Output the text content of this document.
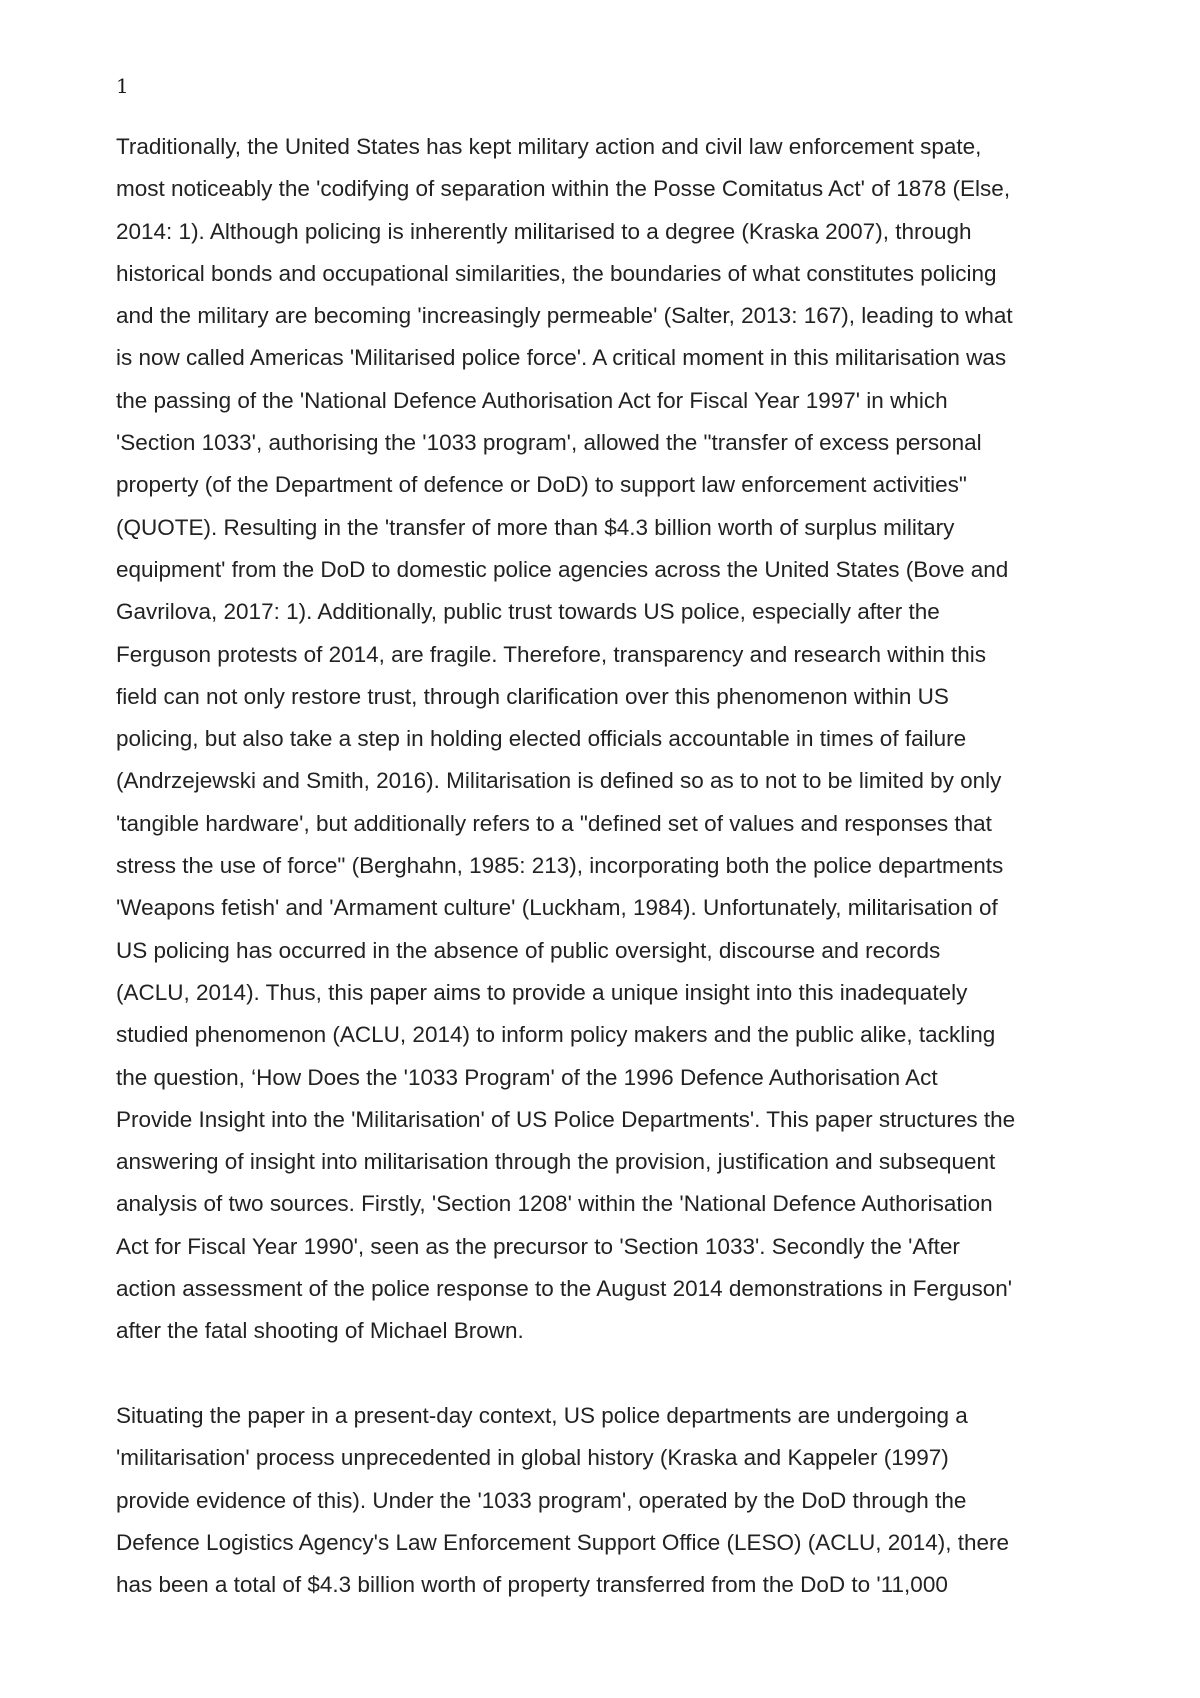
1
Traditionally, the United States has kept military action and civil law enforcement spate,
most noticeably the 'codifying of separation within the Posse Comitatus Act' of 1878 (Else,
2014: 1). Although policing is inherently militarised to a degree (Kraska 2007), through
historical bonds and occupational similarities, the boundaries of what constitutes policing
and the military are becoming 'increasingly permeable' (Salter, 2013: 167), leading to what
is now called Americas 'Militarised police force'. A critical moment in this militarisation was
the passing of the 'National Defence Authorisation Act for Fiscal Year 1997' in which
'Section 1033', authorising the '1033 program', allowed the "transfer of excess personal
property (of the Department of defence or DoD) to support law enforcement activities"
(QUOTE). Resulting in the 'transfer of more than $4.3 billion worth of surplus military
equipment' from the DoD to domestic police agencies across the United States (Bove and
Gavrilova, 2017: 1). Additionally, public trust towards US police, especially after the
Ferguson protests of 2014, are fragile. Therefore, transparency and research within this
field can not only restore trust, through clarification over this phenomenon within US
policing, but also take a step in holding elected officials accountable in times of failure
(Andrzejewski and Smith, 2016). Militarisation is defined so as to not to be limited by only
'tangible hardware', but additionally refers to a "defined set of values and responses that
stress the use of force" (Berghahn, 1985: 213), incorporating both the police departments
'Weapons fetish' and 'Armament culture' (Luckham, 1984). Unfortunately, militarisation of
US policing has occurred in the absence of public oversight, discourse and records
(ACLU, 2014). Thus, this paper aims to provide a unique insight into this inadequately
studied phenomenon (ACLU, 2014) to inform policy makers and the public alike, tackling
the question, ‘How Does the '1033 Program' of the 1996 Defence Authorisation Act
Provide Insight into the 'Militarisation' of US Police Departments'. This paper structures the
answering of insight into militarisation through the provision, justification and subsequent
analysis of two sources. Firstly, 'Section 1208' within the 'National Defence Authorisation
Act for Fiscal Year 1990', seen as the precursor to 'Section 1033'. Secondly the 'After
action assessment of the police response to the August 2014 demonstrations in Ferguson'
after the fatal shooting of Michael Brown.
Situating the paper in a present-day context, US police departments are undergoing a
'militarisation' process unprecedented in global history (Kraska and Kappeler (1997)
provide evidence of this). Under the '1033 program', operated by the DoD through the
Defence Logistics Agency's Law Enforcement Support Office (LESO) (ACLU, 2014), there
has been a total of $4.3 billion worth of property transferred from the DoD to '11,000
